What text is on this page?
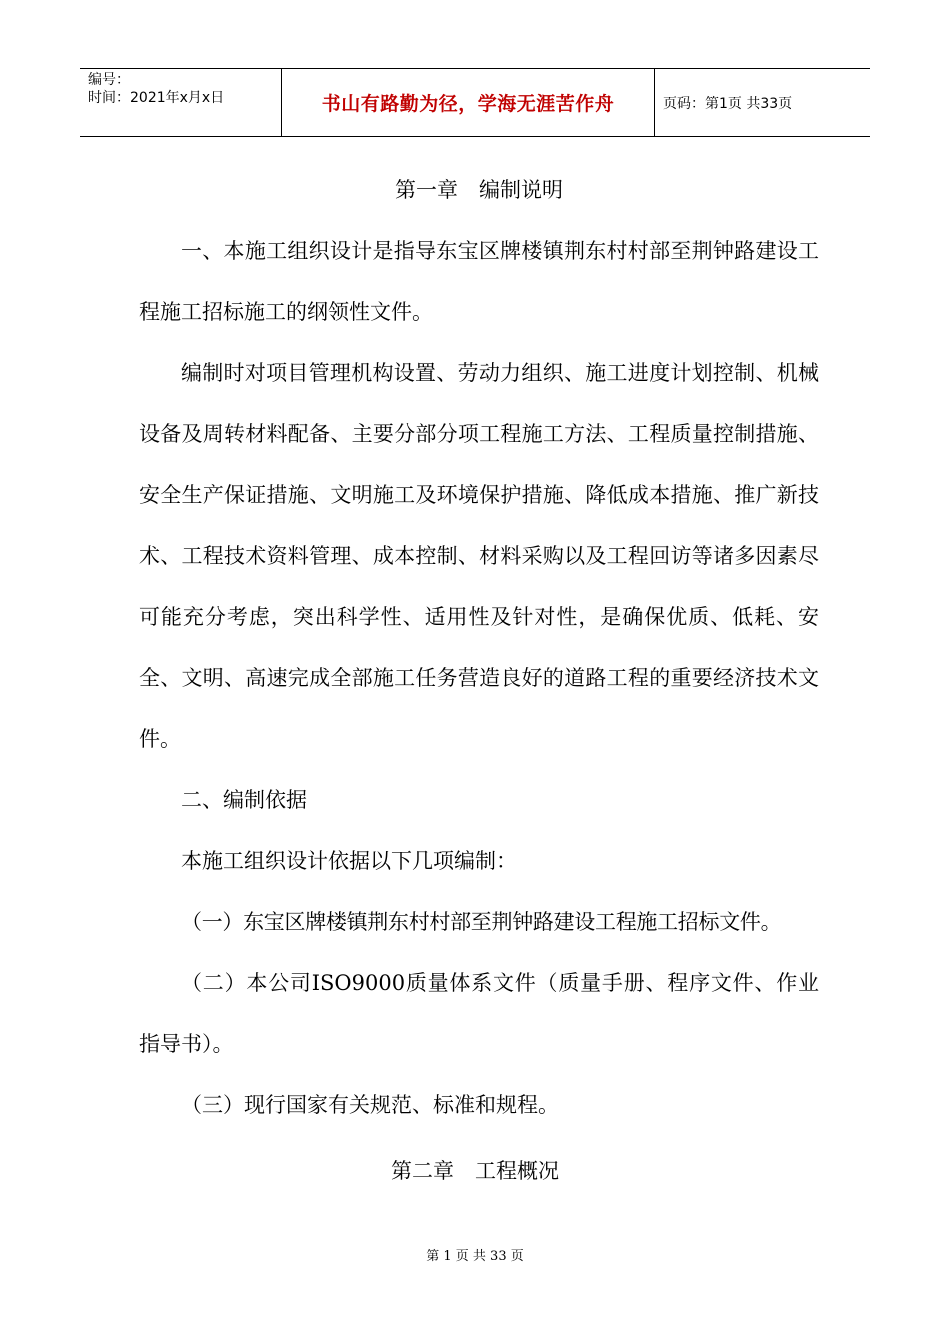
编号：
时间：2021年x月x日	书山有路勤为径，学海无涯苦作舟	页码：第1页 共33页

第一章　编制说明

一、本施工组织设计是指导东宝区牌楼镇荆东村村部至荆钟路建设工程施工招标施工的纲领性文件。

编制时对项目管理机构设置、劳动力组织、施工进度计划控制、机械设备及周转材料配备、主要分部分项工程施工方法、工程质量控制措施、安全生产保证措施、文明施工及环境保护措施、降低成本措施、推广新技术、工程技术资料管理、成本控制、材料采购以及工程回访等诸多因素尽可能充分考虑，突出科学性、适用性及针对性，是确保优质、低耗、安全、文明、高速完成全部施工任务营造良好的道路工程的重要经济技术文件。

二、编制依据

本施工组织设计依据以下几项编制：

（一）东宝区牌楼镇荆东村村部至荆钟路建设工程施工招标文件。

（二）本公司ISO9000质量体系文件（质量手册、程序文件、作业指导书）。

（三）现行国家有关规范、标准和规程。

第二章　工程概况
第 1 页 共 33 页
